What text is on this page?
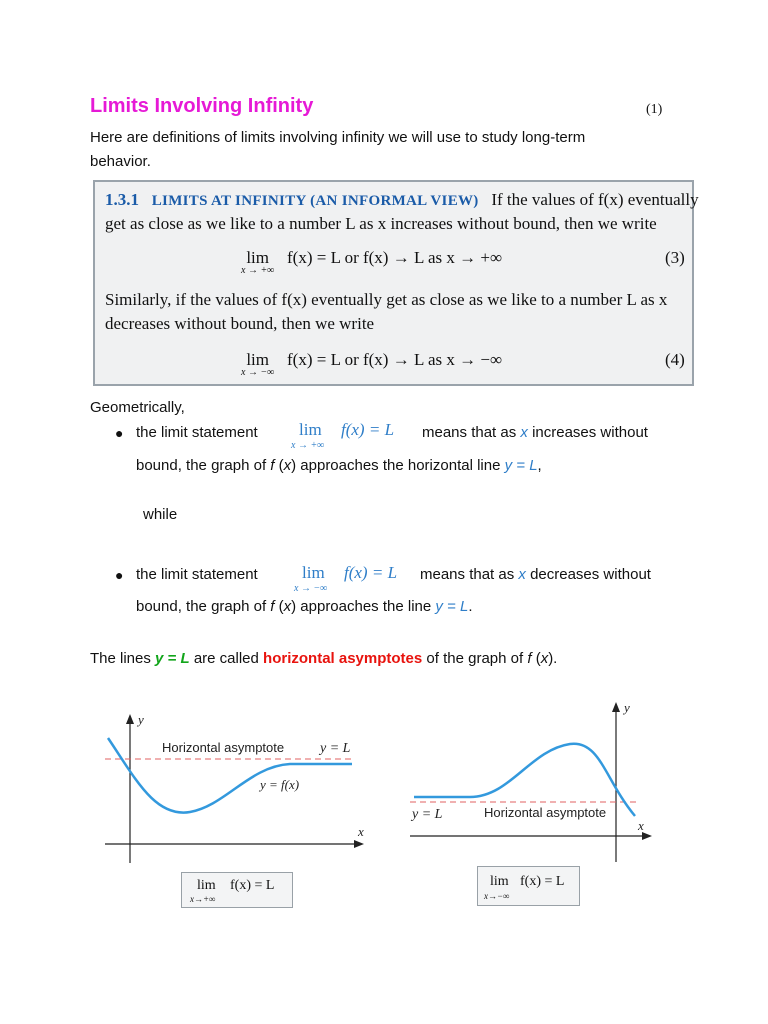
Limits Involving Infinity	(1)
Here are definitions of limits involving infinity we will use to study long-term behavior.
1.3.1 LIMITS AT INFINITY (AN INFORMAL VIEW) If the values of f(x) eventually
get as close as we like to a number L as x increases without bound, then we write
lim
x → +∞
f(x) = L or f(x) → L as x → +∞	(3)
Similarly, if the values of f(x) eventually get as close as we like to a number L as x
decreases without bound, then we write
lim
x → −∞
f(x) = L or f(x) → L as x → −∞	(4)
Geometrically,
● the limit statement lim
x → +∞
f(x) = L means that as x increases without
bound, the graph of f (x) approaches the horizontal line y = L,
while
● the limit statement	lim
x → −∞
f(x) = L means that as x decreases without
bound, the graph of f (x) approaches the line y = L.
The lines y = L are called horizontal asymptotes of the graph of f (x).
y
x
Horizontal asymptote	y = L
y = f(x)
lim
x→+∞
f(x) = L
y
x
y = L	Horizontal asymptote
lim
x→−∞
f(x) = L
